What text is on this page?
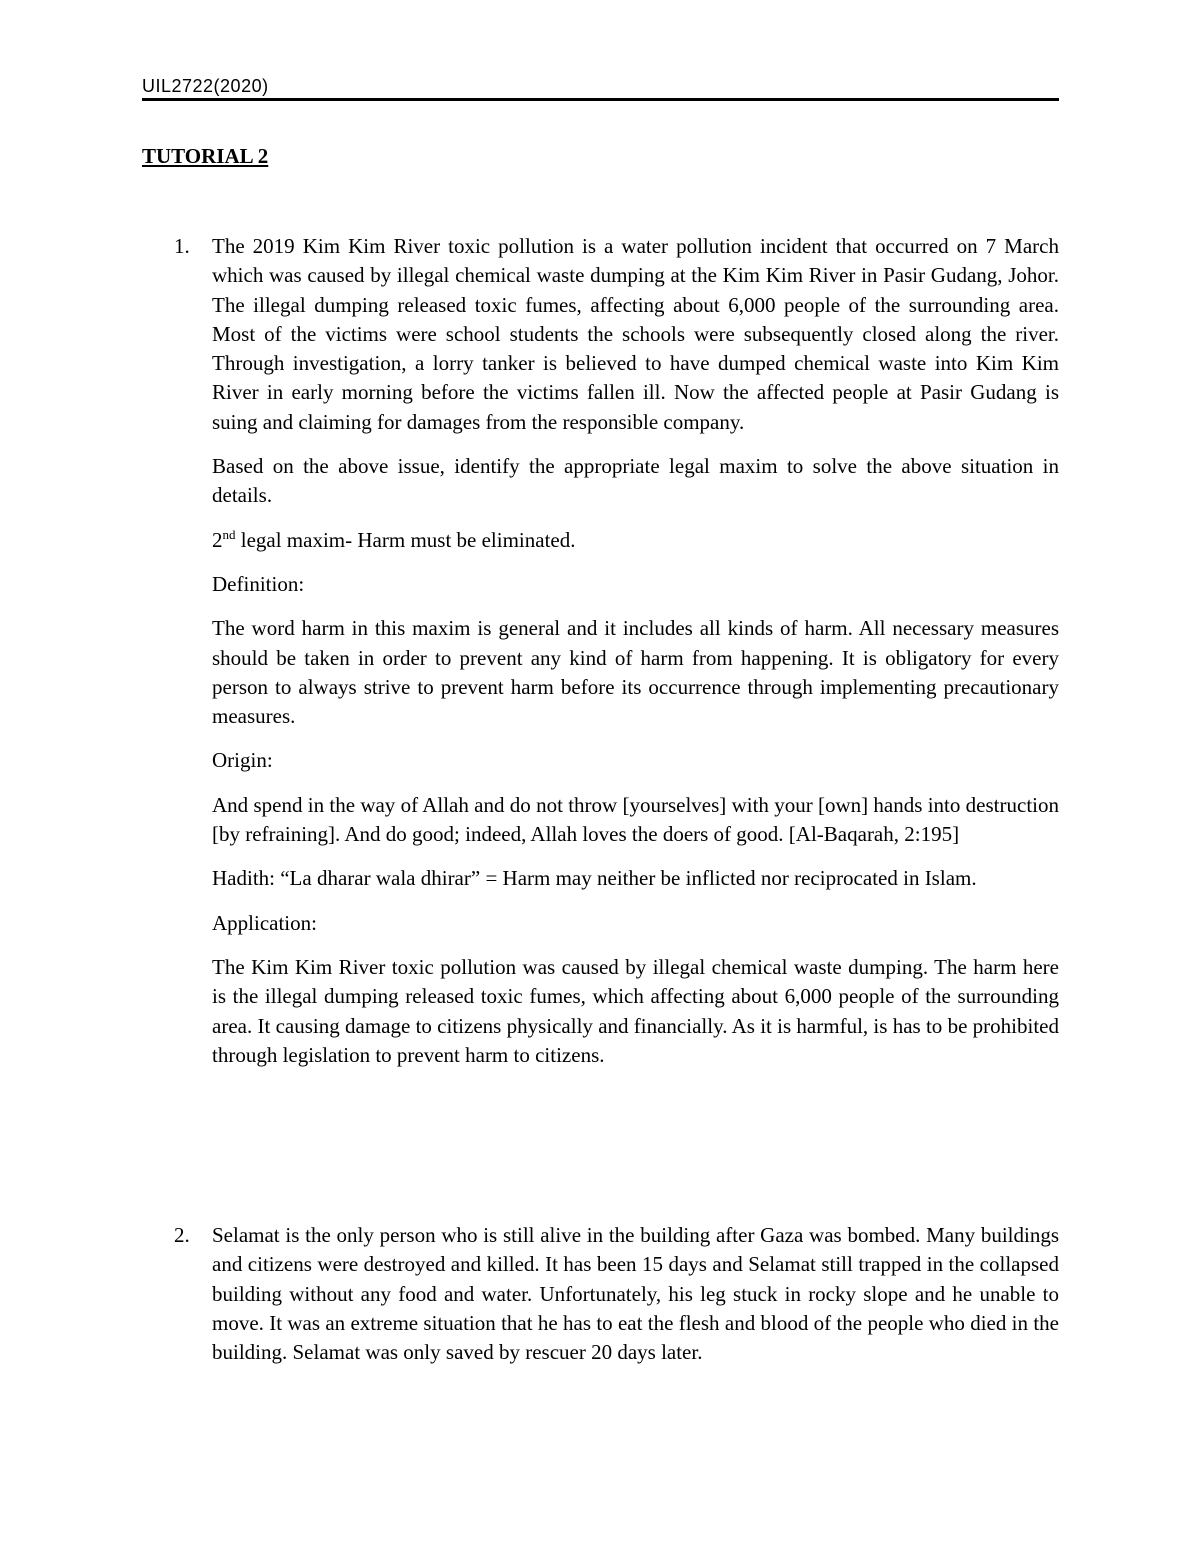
UIL2722(2020)
TUTORIAL 2
1. The 2019 Kim Kim River toxic pollution is a water pollution incident that occurred on 7 March which was caused by illegal chemical waste dumping at the Kim Kim River in Pasir Gudang, Johor. The illegal dumping released toxic fumes, affecting about 6,000 people of the surrounding area. Most of the victims were school students the schools were subsequently closed along the river. Through investigation, a lorry tanker is believed to have dumped chemical waste into Kim Kim River in early morning before the victims fallen ill. Now the affected people at Pasir Gudang is suing and claiming for damages from the responsible company.

Based on the above issue, identify the appropriate legal maxim to solve the above situation in details.

2nd legal maxim- Harm must be eliminated.

Definition:

The word harm in this maxim is general and it includes all kinds of harm. All necessary measures should be taken in order to prevent any kind of harm from happening. It is obligatory for every person to always strive to prevent harm before its occurrence through implementing precautionary measures.

Origin:

And spend in the way of Allah and do not throw [yourselves] with your [own] hands into destruction [by refraining]. And do good; indeed, Allah loves the doers of good. [Al-Baqarah, 2:195]

Hadith: “La dharar wala dhirar” = Harm may neither be inflicted nor reciprocated in Islam.

Application:

The Kim Kim River toxic pollution was caused by illegal chemical waste dumping. The harm here is the illegal dumping released toxic fumes, which affecting about 6,000 people of the surrounding area. It causing damage to citizens physically and financially. As it is harmful, is has to be prohibited through legislation to prevent harm to citizens.

2. Selamat is the only person who is still alive in the building after Gaza was bombed. Many buildings and citizens were destroyed and killed. It has been 15 days and Selamat still trapped in the collapsed building without any food and water. Unfortunately, his leg stuck in rocky slope and he unable to move. It was an extreme situation that he has to eat the flesh and blood of the people who died in the building. Selamat was only saved by rescuer 20 days later.
